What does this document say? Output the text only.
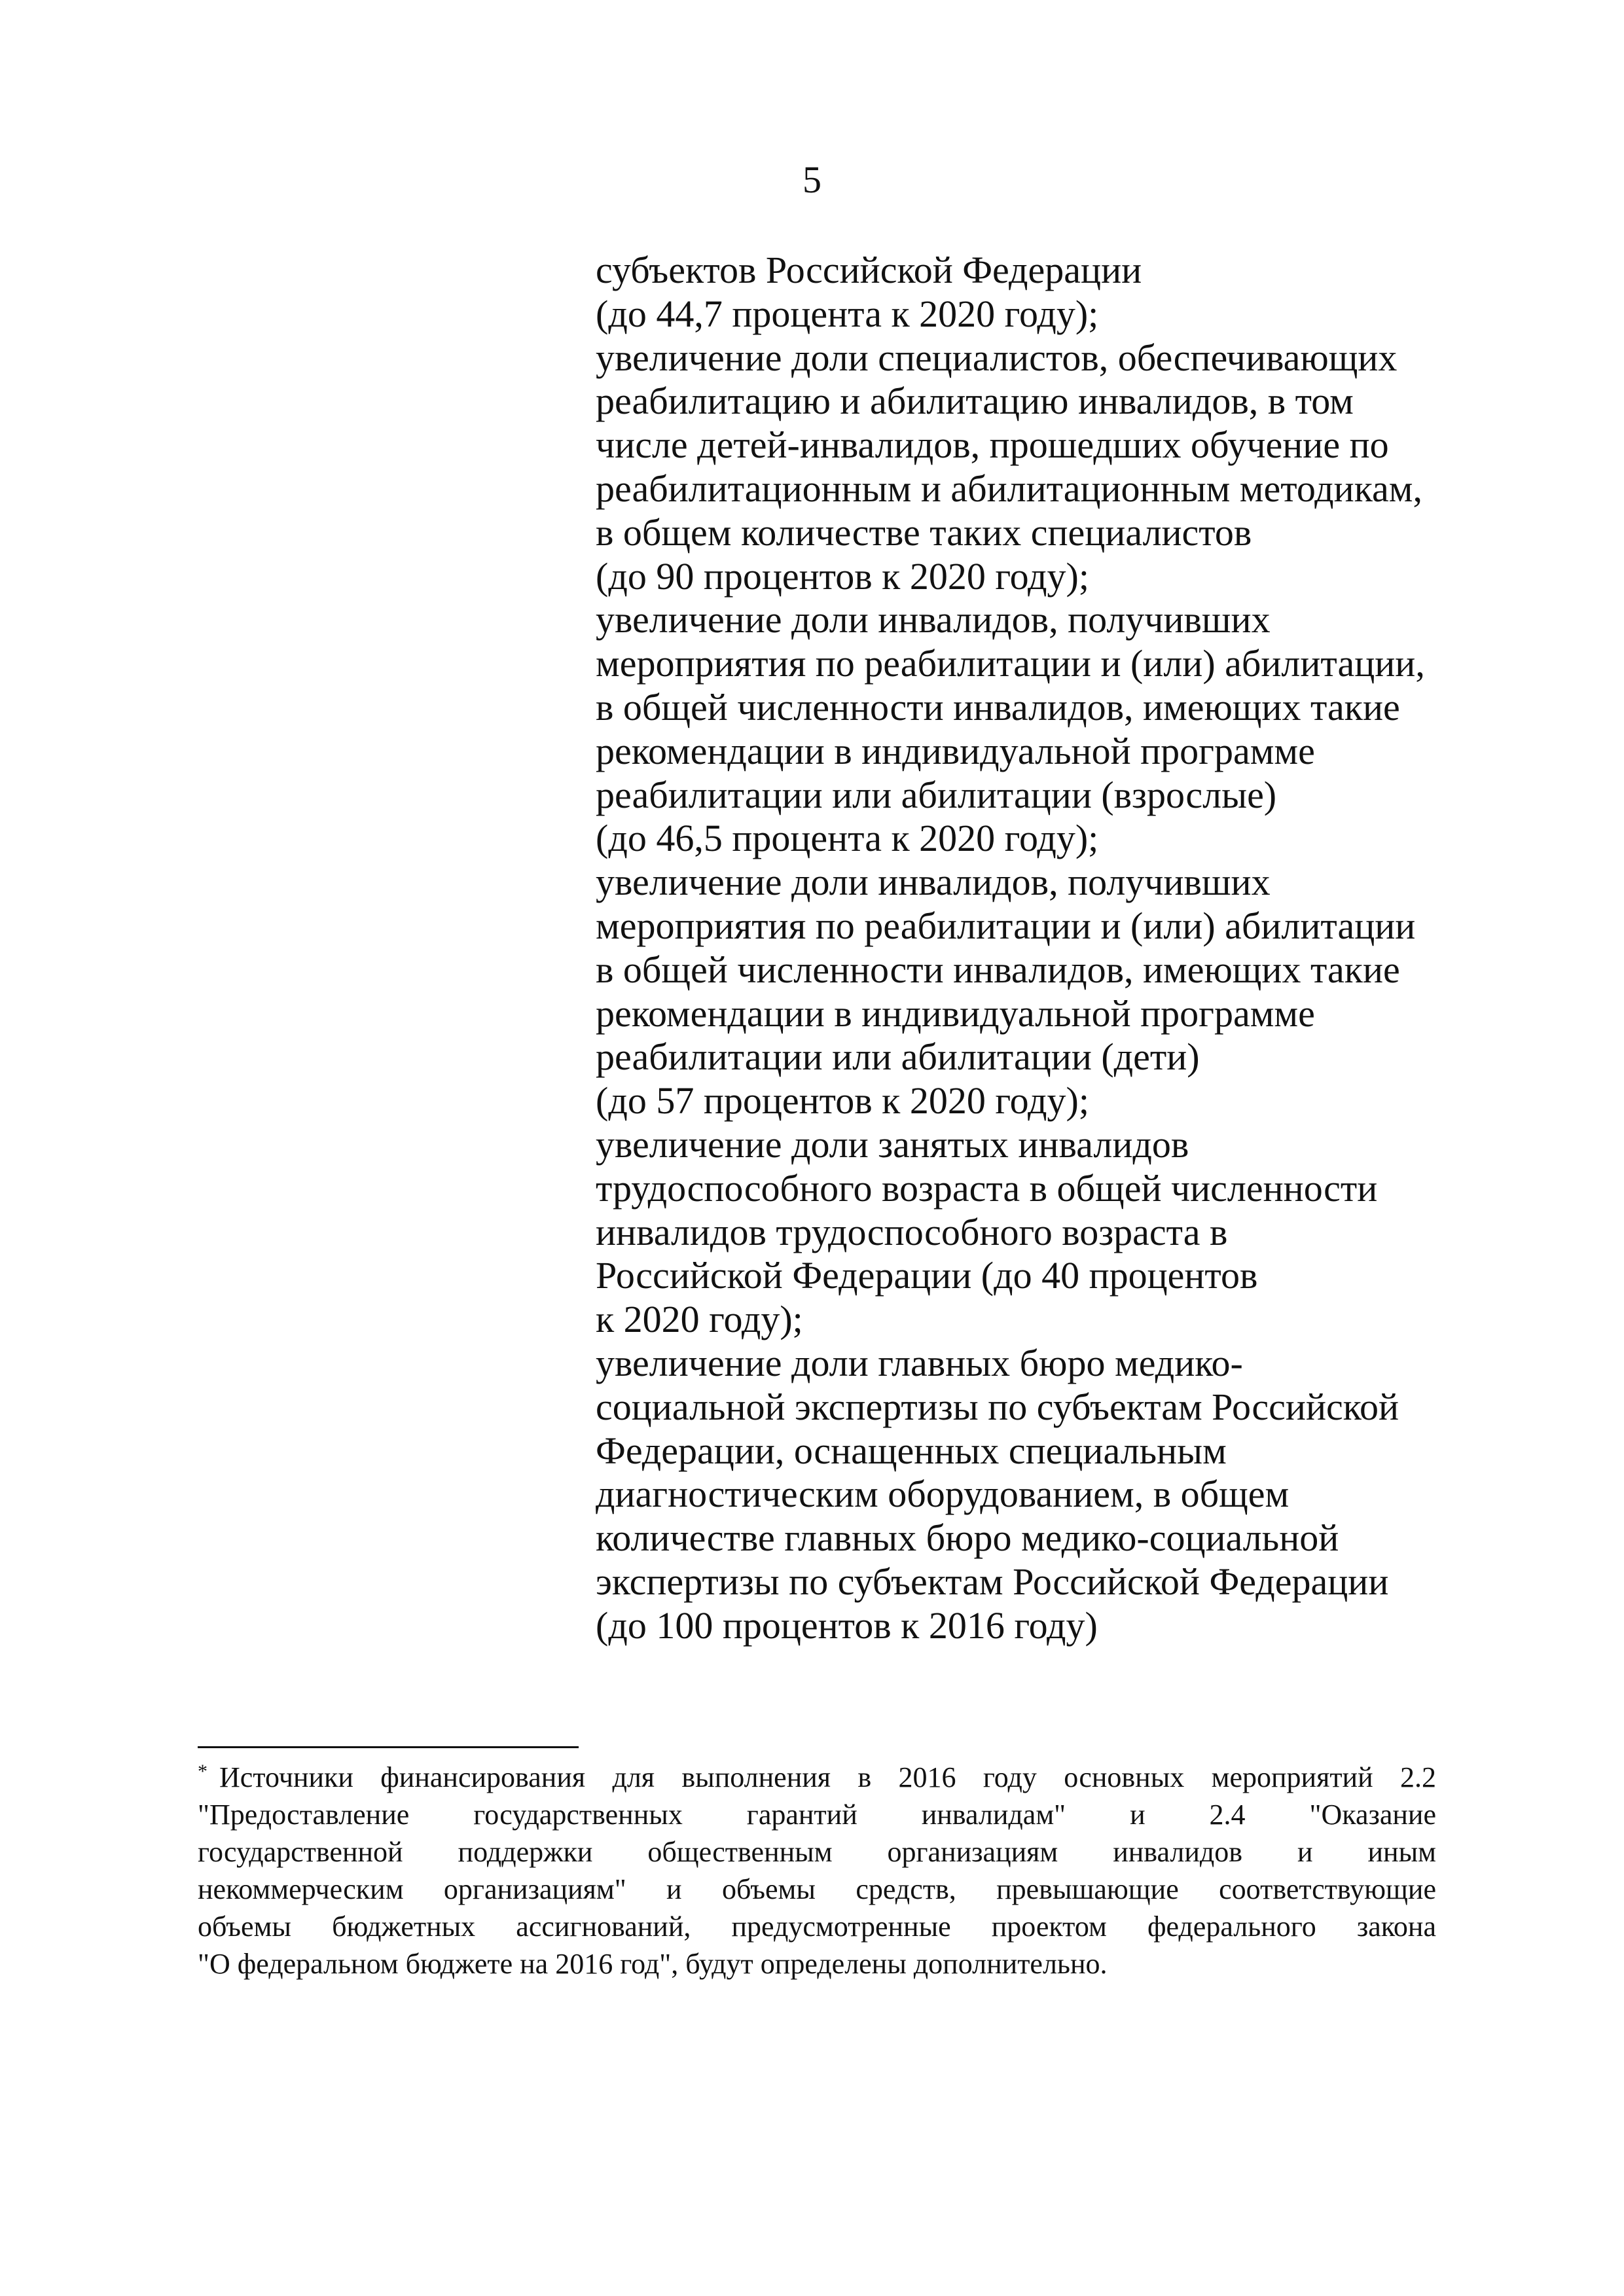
5
субъектов Российской Федерации
(до 44,7 процента к 2020 году);
увеличение доли специалистов, обеспечивающих
реабилитацию и абилитацию инвалидов, в том
числе детей-инвалидов, прошедших обучение по
реабилитационным и абилитационным методикам,
в общем количестве таких специалистов
(до 90 процентов к 2020 году);
увеличение доли инвалидов, получивших
мероприятия по реабилитации и (или) абилитации,
в общей численности инвалидов, имеющих такие
рекомендации в индивидуальной программе
реабилитации или абилитации (взрослые)
(до 46,5 процента к 2020 году);
увеличение доли инвалидов, получивших
мероприятия по реабилитации и (или) абилитации
в общей численности инвалидов, имеющих такие
рекомендации в индивидуальной программе
реабилитации или абилитации (дети)
(до 57 процентов к 2020 году);
увеличение доли занятых инвалидов
трудоспособного возраста в общей численности
инвалидов трудоспособного возраста в
Российской Федерации (до 40 процентов
к 2020 году);
увеличение доли главных бюро медико-
социальной экспертизы по субъектам Российской
Федерации, оснащенных специальным
диагностическим оборудованием, в общем
количестве главных бюро медико-социальной
экспертизы по субъектам Российской Федерации
(до 100 процентов к 2016 году)
* Источники финансирования для выполнения в 2016 году основных мероприятий 2.2
"Предоставление государственных гарантий инвалидам" и 2.4 "Оказание
государственной поддержки общественным организациям инвалидов и иным
некоммерческим организациям" и объемы средств, превышающие соответствующие
объемы бюджетных ассигнований, предусмотренные проектом федерального закона
"О федеральном бюджете на 2016 год", будут определены дополнительно.
